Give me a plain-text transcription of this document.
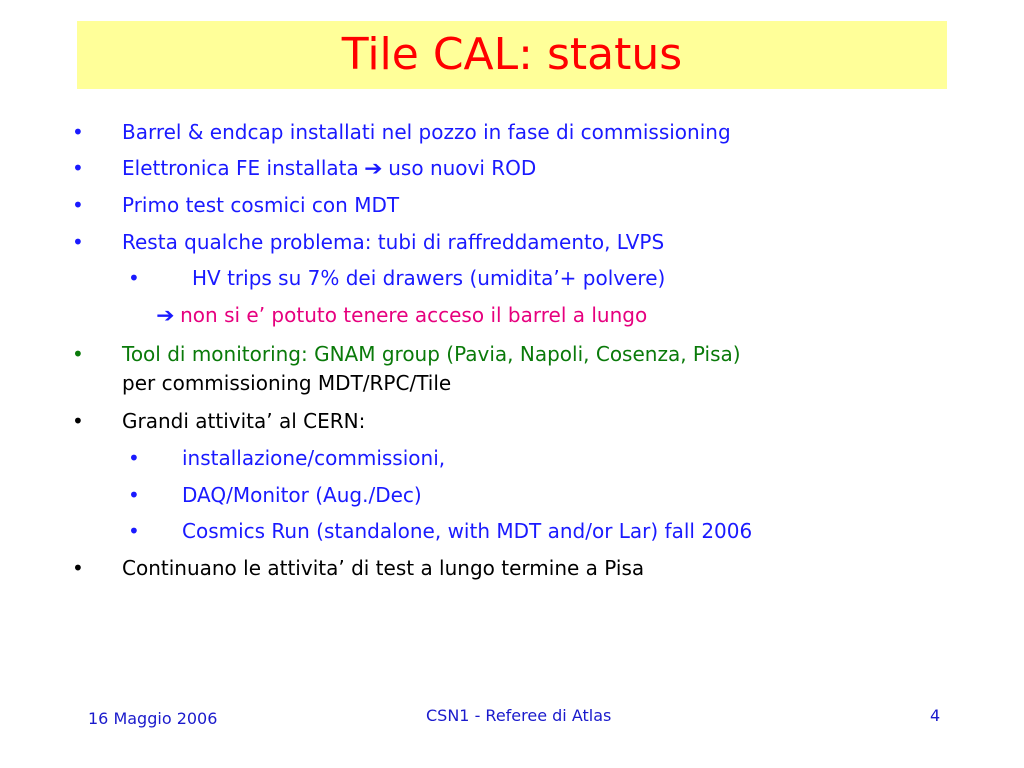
Tile CAL: status
• Barrel & endcap installati nel pozzo in fase di commissioning
• Elettronica FE installata ➔ uso nuovi ROD
• Primo test cosmici con MDT
• Resta qualche problema: tubi di raffreddamento, LVPS
•	HV trips su 7% dei drawers (umidita’+ polvere)
➔ non si e’ potuto tenere acceso il barrel a lungo
• Tool di monitoring: GNAM group (Pavia, Napoli, Cosenza, Pisa)
per commissioning MDT/RPC/Tile
• Grandi attivita’ al CERN:
• installazione/commissioni,
• DAQ/Monitor (Aug./Dec)
• Cosmics Run (standalone, with MDT and/or Lar) fall 2006
• Continuano le attivita’ di test a lungo termine a Pisa
16 Maggio 2006	CSN1 - Referee di Atlas	4
